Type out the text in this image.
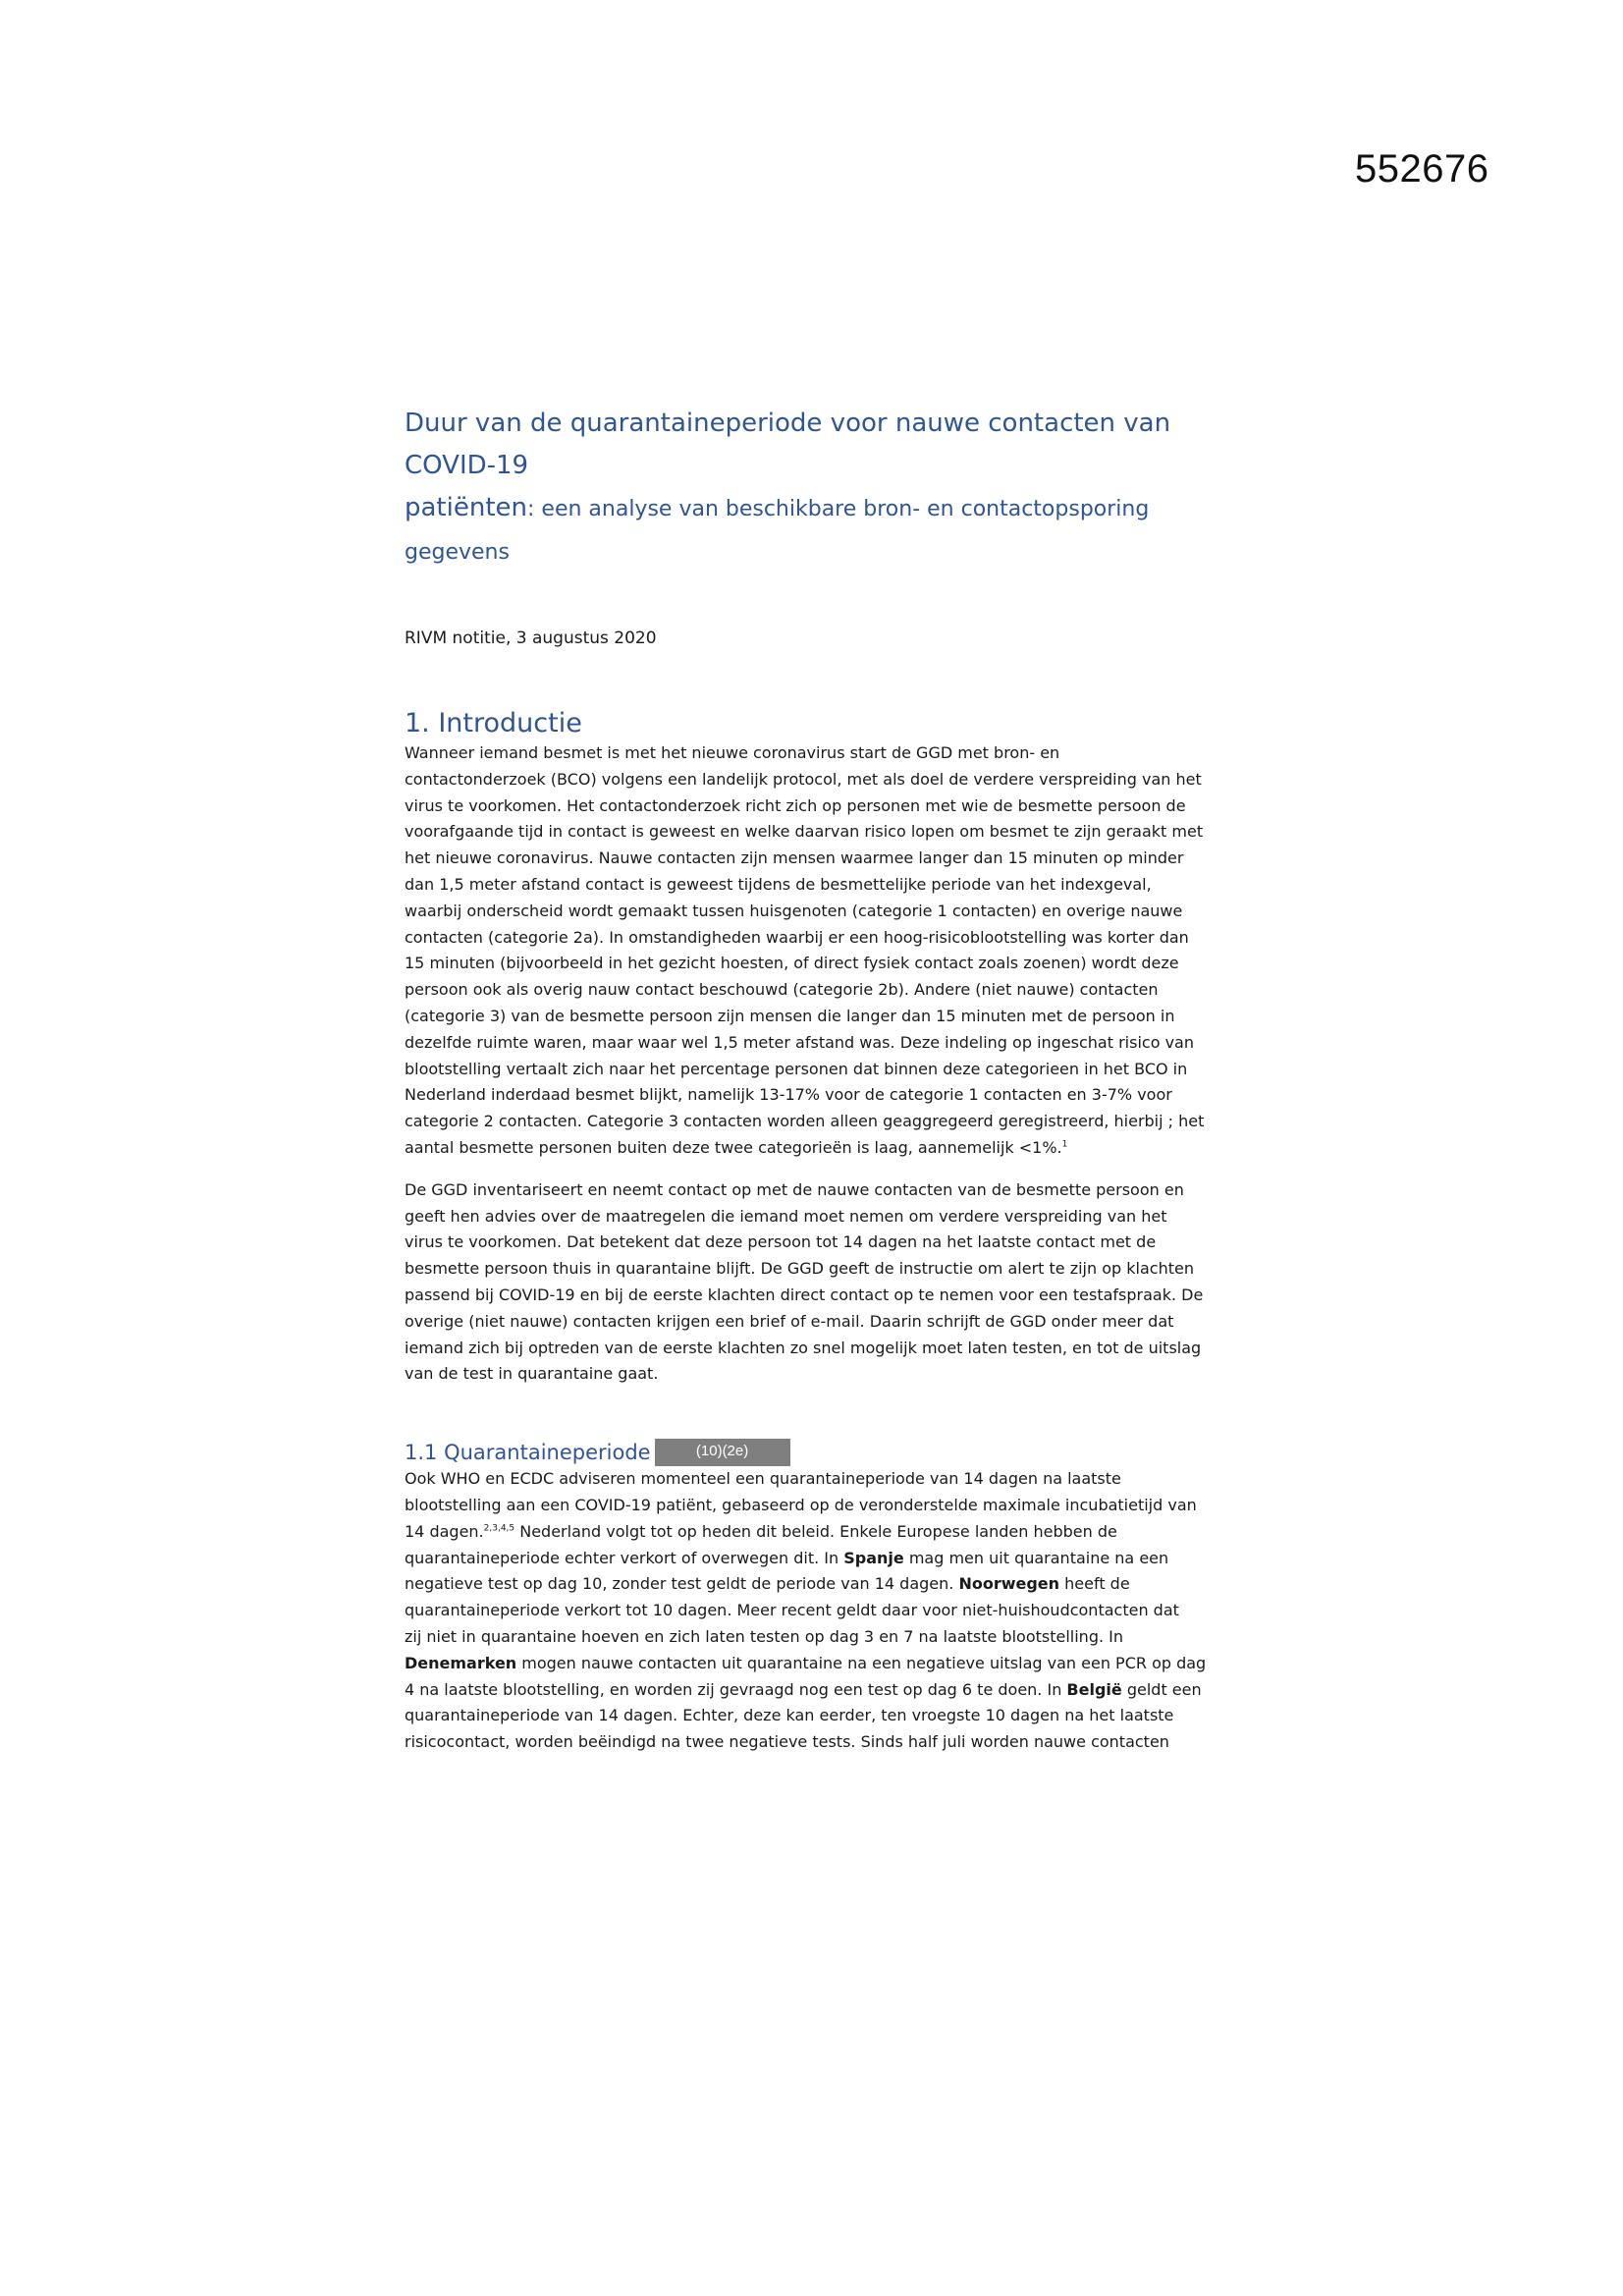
552676
Duur van de quarantaineperiode voor nauwe contacten van COVID-19
patiënten: een analyse van beschikbare bron- en contactopsporing gegevens

RIVM notitie, 3 augustus 2020

1. Introductie

Wanneer iemand besmet is met het nieuwe coronavirus start de GGD met bron- en
contactonderzoek (BCO) volgens een landelijk protocol, met als doel de verdere verspreiding van het
virus te voorkomen. Het contactonderzoek richt zich op personen met wie de besmette persoon de
voorafgaande tijd in contact is geweest en welke daarvan risico lopen om besmet te zijn geraakt met
het nieuwe coronavirus. Nauwe contacten zijn mensen waarmee langer dan 15 minuten op minder
dan 1,5 meter afstand contact is geweest tijdens de besmettelijke periode van het indexgeval,
waarbij onderscheid wordt gemaakt tussen huisgenoten (categorie 1 contacten) en overige nauwe
contacten (categorie 2a). In omstandigheden waarbij er een hoog-risicoblootstelling was korter dan
15 minuten (bijvoorbeeld in het gezicht hoesten, of direct fysiek contact zoals zoenen) wordt deze
persoon ook als overig nauw contact beschouwd (categorie 2b). Andere (niet nauwe) contacten
(categorie 3) van de besmette persoon zijn mensen die langer dan 15 minuten met de persoon in
dezelfde ruimte waren, maar waar wel 1,5 meter afstand was. Deze indeling op ingeschat risico van
blootstelling vertaalt zich naar het percentage personen dat binnen deze categorieen in het BCO in
Nederland inderdaad besmet blijkt, namelijk 13-17% voor de categorie 1 contacten en 3-7% voor
categorie 2 contacten. Categorie 3 contacten worden alleen geaggregeerd geregistreerd, hierbij ; het
aantal besmette personen buiten deze twee categorieën is laag, aannemelijk <1%.$^1$

De GGD inventariseert en neemt contact op met de nauwe contacten van de besmette persoon en
geeft hen advies over de maatregelen die iemand moet nemen om verdere verspreiding van het
virus te voorkomen. Dat betekent dat deze persoon tot 14 dagen na het laatste contact met de
besmette persoon thuis in quarantaine blijft. De GGD geeft de instructie om alert te zijn op klachten
passend bij COVID-19 en bij de eerste klachten direct contact op te nemen voor een testafspraak. De
overige (niet nauwe) contacten krijgen een brief of e-mail. Daarin schrijft de GGD onder meer dat
iemand zich bij optreden van de eerste klachten zo snel mogelijk moet laten testen, en tot de uitslag
van de test in quarantaine gaat.

1.1 Quarantaineperiode	(10)(2e)

Ook WHO en ECDC adviseren momenteel een quarantaineperiode van 14 dagen na laatste
blootstelling aan een COVID-19 patiënt, gebaseerd op de veronderstelde maximale incubatietijd van
14 dagen.$^{2,3,4,5}$ Nederland volgt tot op heden dit beleid. Enkele Europese landen hebben de
quarantaineperiode echter verkort of overwegen dit. In Spanje mag men uit quarantaine na een
negatieve test op dag 10, zonder test geldt de periode van 14 dagen. Noorwegen heeft de
quarantaineperiode verkort tot 10 dagen. Meer recent geldt daar voor niet-huishoudcontacten dat
zij niet in quarantaine hoeven en zich laten testen op dag 3 en 7 na laatste blootstelling. In
Denemarken mogen nauwe contacten uit quarantaine na een negatieve uitslag van een PCR op dag
4 na laatste blootstelling, en worden zij gevraagd nog een test op dag 6 te doen. In België geldt een
quarantaineperiode van 14 dagen. Echter, deze kan eerder, ten vroegste 10 dagen na het laatste
risicocontact, worden beëindigd na twee negatieve tests. Sinds half juli worden nauwe contacten
